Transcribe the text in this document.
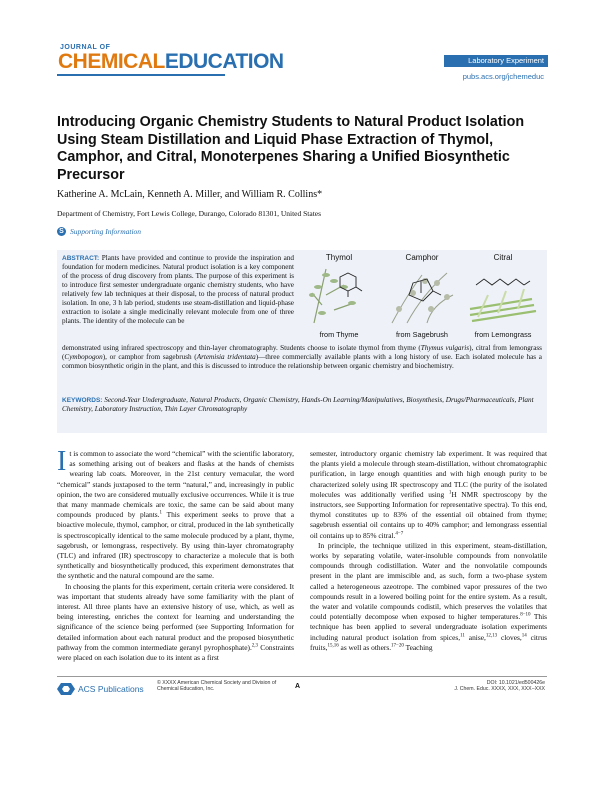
JOURNAL OF
CHEMICALEDUCATION	Laboratory Experiment
pubs.acs.org/jchemeduc
Introducing Organic Chemistry Students to Natural Product Isolation Using Steam Distillation and Liquid Phase Extraction of Thymol, Camphor, and Citral, Monoterpenes Sharing a Unified Biosynthetic Precursor
Katherine A. McLain, Kenneth A. Miller, and William R. Collins*
Department of Chemistry, Fort Lewis College, Durango, Colorado 81301, United States
S Supporting Information
ABSTRACT: Plants have provided and continue to provide the inspiration and foundation for modern medicines. Natural product isolation is a key component of the process of drug discovery from plants. The purpose of this experiment is to introduce first semester undergraduate organic chemistry students, who have relatively few lab techniques at their disposal, to the process of natural product isolation. In one, 3 h lab period, students use steam-distillation and liquid-phase extraction to isolate a single medicinally relevant molecule from one of three plants. The identity of the molecule can be
Thymol
from Thyme
Camphor
from Sagebrush
Citral
from Lemongrass
demonstrated using infrared spectroscopy and thin-layer chromatography. Students choose to isolate thymol from thyme (Thymus vulgaris), citral from lemongrass (Cymbopogon), or camphor from sagebrush (Artemisia tridentata)—three commercially available plants with a long history of use. Each isolated molecule has a common biosynthetic origin in the plant, and this is discussed to introduce the relationship between organic chemistry and biochemistry.
KEYWORDS: Second-Year Undergraduate, Natural Products, Organic Chemistry, Hands-On Learning/Manipulatives, Biosynthesis, Drugs/Pharmaceuticals, Plant Chemistry, Laboratory Instruction, Thin Layer Chromatography

It is common to associate the word “chemical” with the scientific laboratory, as something arising out of beakers and flasks at the hands of chemists wearing lab coats. Moreover, in the 21st century vernacular, the word “chemical” stands juxtaposed to the term “natural,” and, increasingly in public opinion, the two are considered mutually exclusive occurrences. While it is true that many manmade chemicals are toxic, the same can be said about many compounds produced by plants.$^1$ This experiment seeks to prove that a bioactive molecule, thymol, camphor, or citral, produced in the lab synthetically is spectroscopically identical to the same molecule produced by a plant, thyme, sagebrush, or lemongrass, respectively. By using thin-layer chromatography (TLC) and infrared (IR) spectroscopy to characterize a molecule that is both synthetically and biosynthetically produced, this experiment demonstrates that the synthetic and the natural compound are the same.

In choosing the plants for this experiment, certain criteria were considered. It was important that students already have some familiarity with the plant of interest. All three plants have an extensive history of use, which, as well as being interesting, enriches the context for learning and understanding the significance of the science being performed (see Supporting Information for detailed information about each natural product and the proposed biosynthetic pathway from the common intermediate geranyl pyrophosphate).$^{2,3}$ Constraints were placed on each isolation due to its intent as a first

semester, introductory organic chemistry lab experiment. It was required that the plants yield a molecule through steam-distillation, without chromatographic purification, in large enough quantities and with high enough purity to be characterized solely using IR spectroscopy and TLC (the purity of the isolated molecules was additionally verified using $^1$H NMR spectroscopy by the instructors, see Supporting Information for representative spectra). To this end, thymol constitutes up to 83% of the essential oil obtained from thyme; sagebrush essential oil contains up to 40% camphor; and lemongrass essential oil contains up to 85% citral.$^{4-7}$

In principle, the technique utilized in this experiment, steam-distillation, works by separating volatile, water-insoluble compounds from nonvolatile compounds through codistillation. Water and the nonvolatile compounds present in the plant are immiscible and, as such, form a two-phase system called a heterogeneous azeotrope. The combined vapor pressures of the two compounds result in a lowered boiling point for the entire system. As a result, the water and volatile compounds codistil, which preserves the volatiles that could potentially decompose when exposed to higher temperatures.$^{8-10}$ This technique has been applied to several undergraduate isolation experiments including natural product isolation from spices,$^{11}$ anise,$^{12,13}$ cloves,$^{14}$ citrus fruits,$^{15,16}$ as well as others.$^{17-20}$ Teaching

ACS Publications
© XXXX American Chemical Society and Division of Chemical Education, Inc.	A	DOI: 10.1021/ed500426e
J. Chem. Educ. XXXX, XXX, XXX−XXX
